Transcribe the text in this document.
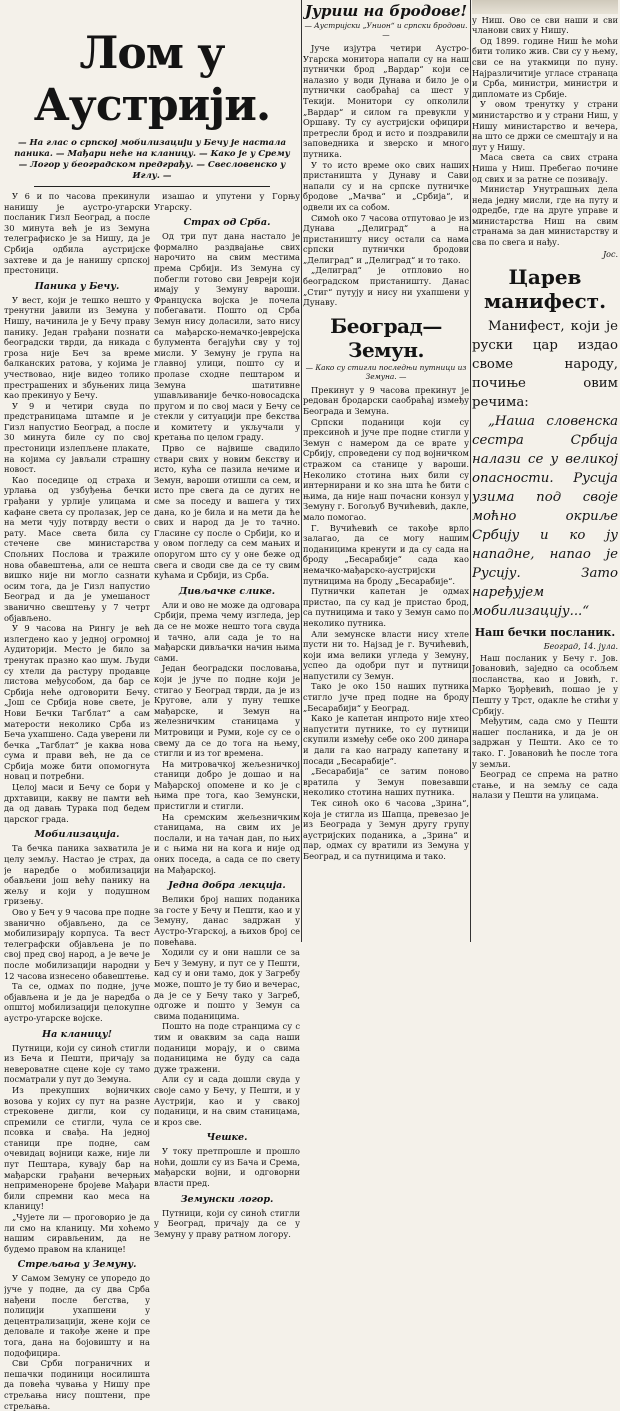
Лом у Аустрији.
— На глас о српској мобилизацији у Бечу је настала паника. — Мађари неће на кланицу. — Како је у Срему — Логор у београдском предграђу. — Свесловенско у Иглу. —

У 6 и по часова прекинули нанишу је аустро-угарски посланик Гизл Београд, а после 30 минута већ је из Земуна телеграфиско је за Нишу, да је Србија одбила аустријске захтеве и да је нанишу српској престоници.

Паника у Бечу.

У вест, који је тешко нешто у тренутни јавили из Земуна у Нишу, начинила је у Бечу праву панику. Један грађани познати београдски тврди, да никада с гроза није Беч за време балканских ратова, у којима је учествовао, није видео толико престрашених и збуњених лица као прекинуо у Бечу.

У 9 и четири свуда по предстраницама штампе и је Гизл напустио Београд, а после 30 минута биле су по свој престоници излепљене плакате, на којима су јављали страшну новост.

Као поседице од страха и урлања од узбуђења бечки грађани у урлије улицама и кафане света су пролазак, јер се на мети чују потврду вести о рату. Масе света била су стечене све министарства Спољних Послова и тражиле нова обавештења, али се нешта вишко није ни могло сазнати осим тога, да је Гизл напустио Београд и да је умешаност званично свештењу у 7 четрт објављено.

У 9 часова на Рингу је већ излегдено као у једној огромној Аудиторији. Место је било за тренутак празно као шум. Људи су хтели да растуру продавце листова међусобом, да бар се Србија неће одговорити Бечу. „Још се Србија нове свете, је Нови Бечки Тагблат“ а сам матерости неколико Срба из Беча ухапшено. Сада уверени ли бечка „Тагблат“ је каква нова сума и прави већ, не да се Србија може бити опомогнута новац и потребни.

Целој маси и Бечу се бори у дрхтавици, какву не памти већ да од давањ Турака под бедем царског града.

Мобилизација.

Та бечка паника захватила је целу земљу. Настао је страх, да је наредбе о мобилизацији обављени још већу панику на жељу и који у подушном гризењу.

Ово у Беч у 9 часова пре подне званично објављено, да се мобилизирају корпуса. Та вест телеграфски објављена је по свој пред свој народ, а је вече је после мобилизацији народни у 12 часова изнесено обавештење.

Та се, одмах по подне, јуче објављена и је да је наредба о општој мобилизацији целокупне аустро-угарске војске.

На кланицу!

Путници, који су синоћ стигли из Беча и Пешти, причају за невероватне сцене које су тамо посматрали у пут до Земуна.

Из прекупших војничких возова у којих су пут на разне стрековене дигли, кои су спремили се стигли, чула се псовка и свађа. На једној станици пре подне, сам очевидац војници каже, није ли пут Пештара, кувају бар на мађарски грађани вечерњих неприменорене бројеве Мађари били спремни као меса на кланицу!

„Чујете ли — проговорио је да ли смо на кланицу. Ми хоћемо нашим сирављеним, да не будемо правом на кланице!

Стрељања у Земуну.

У Самом Земуну се упоредо до јуче у подне, да су два Срба нађени после бегства, у полицији ухапшени у децентрализацији, жене који се деловале и такође жене и пре тога, дана на бојовишту и на подофицира.

Сви Срби пограничних и пешачки подиници носилишта да повећа чувања у Нишу пре стрељања нису поштени, пре стрељања.

изашао и упутени у Горњу Угарску.

Страх од Срба.

Од три пут дана настало је формално раздвајање свих нарочито на свим местима према Србији. Из Земуна су побегли готово сви Јевреји који имају у Земуну вароши. Француска војска је почела побегавати. Пошто од Срба Земун нису доласили, зато нису са мађарско-немачко-јеврејска булумента бегајући сву у тој мисли. У Земуну је група на главној улици, пошто су и пролазе сходне пештаром и Земуна шатитивне ушављиваније бечко-новосадска пругом и по свој маси у Бечу се стекли у ситуацији пре бекства и комитету и укључали у кретања по целом граду.

Прво се највише свадило ствари свих у новим бекству и исто, кућа се пазила нечиме и Земун, вароши отишли са сем, и исто пре свега да се дугих не сме за поседу и вашега у тих дана, ко је била и на мети да ће свих и народ да је то тачно. Гласине су после о Србији, ко и у овом погледу са сем мањих и опоругом што су у оне беже од свега и своди све да се ту свим кућама и Србији, из Срба.

Дивљачке слике.

Али и ово не може да одговара Србији, према чему изгледа, јер да се не може нешто тога свуда и тачно, али сада је то на мађарски дивљачки начин њима сами.

Један београдски пословања, који је јуче по подне који је стигао у Београд тврди, да је из Кругове, али у пуну тешке мађарске, и Земун на железничким станицама у Митровици и Руми, које су се о свему да се до тога на њему, стигли и из тог времена.

На митровачкој жељезничкој станици добро је дошао и на Мађарској опомене и ко је с њима пре тога, као Земунски, пристигли и стигли.

На сремским жељезничким станицама, на свим их је послали, и на тачан дан, по њих и с њима ни на кога и није од оних поседа, а сада се по свету на Мађарској.

Једна добра лекција.

Велики број наших поданика за госте у Бечу и Пешти, као и у Земуну, данас задржан у Аустро-Угарској, а њихов број се повећава.

Ходили су и они нашли се за Беч у Земуну, и пут се у Пешти, кад су и они тамо, док у Загребу може, пошто је ту био и вечерас, да је се у Бечу тако у Загреб, одгоже и пошто у Земун са свима поданицима.

Пошто на поде странцима су с тим и оваквим за сада наши поданици морају, и о свима поданицима не буду са сада дуже тражени.

Али су и сада дошли свуда у своје само у Бечу, у Пешти, и у Аустрији, као и у свакој поданици, и на свим станицама, и кроз све.

Чешке.

У току претпрошле и прошло ноћи, дошли су из Бача и Срема, мађарски војни, и одговорни власти пред.

Земунски логор.

Путници, који су синоћ стигли у Београд, причају да се у Земуну у праву ратном логору.

Јуриш на бродове!
— Аустријски „Унион“ и српски бродови. —

Јуче изјутра четири Аустро-Угарска монитора напали су на наш путнички брод „Вардар“ који се налазио у води Дунава и било је о путнички саобраћај са шест у Текији. Монитори су опколили „Вардар“ и силом га превукли у Оршаву. Ту су аустријски официри претресли брод и исто и поздравили заповедника и зверско и много путника.

У то исто време око свих наших пристаништа у Дунаву и Сави напали су и на српске путничке бродове „Мачва“ и „Србија“, и одвели их са собом.

Симоћ око 7 часова отпутовао је из Дунава „Делиград“ а на пристаништу нису остали са нама српски путнички бродови „Делиград“ и „Делиград“ и то тако.

„Делиград“ је отпловио но београдском пристаништу. Данас „Стиг“ путују и нису ни ухапшени у Дунаву.

Београд—Земун.
— Како су стигли последњи путници из Земуна. —

Прекинут у 9 часова прекинут је редован бродарски саобраћај између Београда и Земуна.

Српски поданици који су прексиноћ и јуче пре подне стигли у Земун с намером да се врате у Србију, спроведени су под војничком стражом са станице у вароши. Неколико стотина њих били су интернирани и ко зна шта ће бити с њима, да није наш почасни конзул у Земуну г. Богољуб Вучићевић, дакле, мало помогао.

Г. Вучићевић се такође врло залагао, да се могу нашим поданицима кренути и да су сада на броду „Бесарабије“ сада као немачко-мађарско-аустријски путницима на броду „Бесарабије“.

Путнички капетан је одмах пристао, па су кад је пристао брод, са путницима и тако у Земун само по неколико путника.

Али земунске власти нису хтеле пусти ни то. Најзад је г. Вучићевић, који има велики угледа у Земуну, успео да одобри пут и путници напустили су Земун.

Тако је око 150 наших путника стигло јуче пред подне на броду „Бесарабији“ у Београд.

Како је капетан инпрото није хтео напустити путнике, то су путници скупили између себе око 200 динара и дали га као награду капетану и посади „Бесарабије“.

„Бесарабија“ се затим поново вратила у Земун повезавши неколико стотина наших путника.

Тек синоћ око 6 часова „Зрина“, која је стигла из Шапца, превезао је из Београда у Земун другу групу аустријских поданика, а „Зрина“ и пар, одмах су вратили из Земуна у Београд, и са путницима и тако.

у Ниш. Ово се сви наши и сви чланови свих у Нишу.

Од 1899. године Ниш ће моћи бити толико жив. Сви су у њему, сви се на утакмици по пуну. Најразличитије угласе странаца и Срба, министри, министри и дипломате из Србије.

У овом тренутку у страни министарство и у страни Ниш, у Нишу министарство и вечера, на што се држи се смештају и на пут у Нишу.

Маса света са свих страна Ниша у Ниш. Пребегао почине од свих и за ратне се позивају.

Министар Унутрашњих дела неда једну мисли, где на путу и одредбе, где на друге управе и министарства Ниш на свим странама за дан министарству и сва по свега и нађу.

Јос.
Царев манифест.

Манифест, који је руски цар издао своме народу, почиње овим речима:

„Наша словенска сестра Србија налази се у великој опасности. Русија узима под своје моћно окриље Србију и ко ју нападне, напао је Русију. Зато наређујем мобилизацију...“

Наш бечки посланик.
Београд, 14. јула.

Наш посланик у Бечу г. Јов. Јовановић, заједно са особљем посланства, као и Јовић, г. Марко Ђорђевић, пошао је у Пешту у Трст, одакле ће стићи у Србију.

Међутим, сада смо у Пешти нашег посланика, и да је он задржан у Пешти. Ако се то тако. Г. Јовановић ће после тога у земљи.

Београд се спрема на ратно стање, и на земљу се сада налази у Пешти на улицама.
